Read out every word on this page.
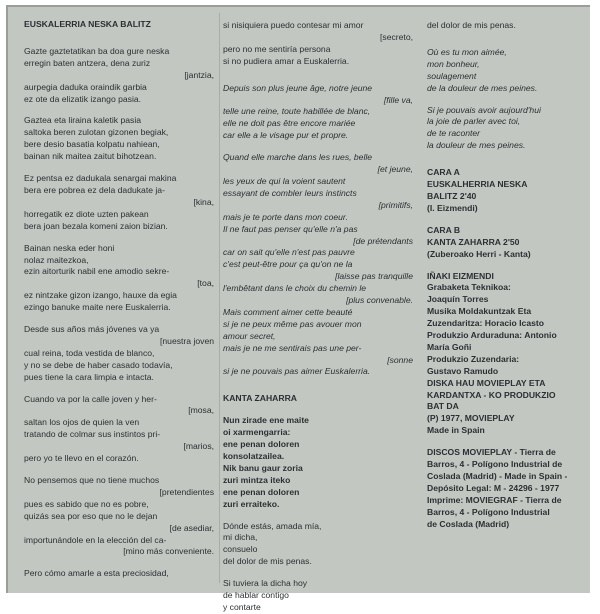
EUSKALERRIA NESKA BALITZ
Gazte gaztetatikan ba doa gure neska
erregin baten antzera, dena zuriz
[jantzia,
aurpegia daduka oraindik garbia
ez ote da elizatik izango pasia.
Gaztea eta liraina kaletik pasia
saltoka beren zulotan gizonen begiak,
bere desio basatia kolpatu nahiean,
bainan nik maitea zaitut bihotzean.
Ez pentsa ez dadukala senargai makina
bera ere pobrea ez dela dadukate ja-
[kina,
horregatik ez diote uzten pakean
bera joan bezala komeni zaion bizian.
Bainan neska eder honi
nolaz maitezkoa,
ezin aitorturik nabil ene amodio sekre-
[toa,
ez nintzake gizon izango, hauxe da egia
ezingo banuke maite nere Euskalerria.
Desde sus años más jóvenes va ya
[nuestra joven
cual reina, toda vestida de blanco,
y no se debe de haber casado todavía,
pues tiene la cara limpia e intacta.
Cuando va por la calle joven y her-
[mosa,
saltan los ojos de quien la ven
tratando de colmar sus instintos pri-
[marios,
pero yo te llevo en el corazón.
No pensemos que no tiene muchos
[pretendientes
pues es sabido que no es pobre,
quizás sea por eso que no le dejan
[de asediar,
importunándole en la elección del ca-
[mino más conveniente.
Pero cómo amarle a esta preciosidad,
si nisiquiera puedo contesar mi amor
[secreto,
pero no me sentiría persona
si no pudiera amar a Euskalerria.
Depuis son plus jeune âge, notre jeune
[fille va,
telle une reine, toute habillée de blanc,
elle ne doit pas être encore mariée
car elle a le visage pur et propre.
Quand elle marche dans les rues, belle
[et jeune,
les yeux de qui la voient sautent
essayant de combler leurs instincts
[primitifs,
mais je te porte dans mon coeur.
Il ne faut pas penser qu'elle n'a pas
[de prétendants
car on sait qu'elle n'est pas pauvre
c'est peut-être pour ça qu'on ne la
[laisse pas tranquille
l'embêtant dans le choix du chemin le
[plus convenable.
Mais comment aimer cette beauté
si je ne peux même pas avouer mon
amour secret,
mais je ne me sentirais pas une per-
[sonne
si je ne pouvais pas aimer Euskalerria.
KANTA ZAHARRA
Nun zirade ene maite
oi xarmengarria:
ene penan doloren
konsolatzailea.
Nik banu gaur zoria
zuri mintza iteko
ene penan doloren
zuri erraiteko.
Dónde estás, amada mía,
mi dicha,
consuelo
del dolor de mis penas.
Si tuviera la dicha hoy
de hablar contigo
y contarte
del dolor de mis penas.
Où es tu mon aimée,
mon bonheur,
soulagement
de la douleur de mes peines.
Si je pouvais avoir aujourd'hui
la joie de parler avec toi,
de te raconter
la douleur de mes peines.
CARA A
EUSKALHERRIA NESKA
BALITZ 2'40
(I. Eizmendi)
CARA B
KANTA ZAHARRA 2'50
(Zuberoako Herri - Kanta)
IÑAKI EIZMENDI
Grabaketa Teknikoa:
Joaquín Torres
Musika Moldakuntzak Eta
Zuzendaritza: Horacio Icasto
Produkzio Arduraduna: Antonio
María Goñi
Produkzio Zuzendaria:
Gustavo Ramudo
DISKA HAU MOVIEPLAY ETA
KARDANTXA - KO PRODUKZIO
BAT DA
(P) 1977, MOVIEPLAY
Made in Spain
DISCOS MOVIEPLAY - Tierra de
Barros, 4 - Polígono Industrial de
Coslada (Madrid) - Made in Spain -
Depósito Legal: M - 24296 - 1977
Imprime: MOVIEGRAF - Tierra de
Barros, 4 - Polígono Industrial
de Coslada (Madrid)
